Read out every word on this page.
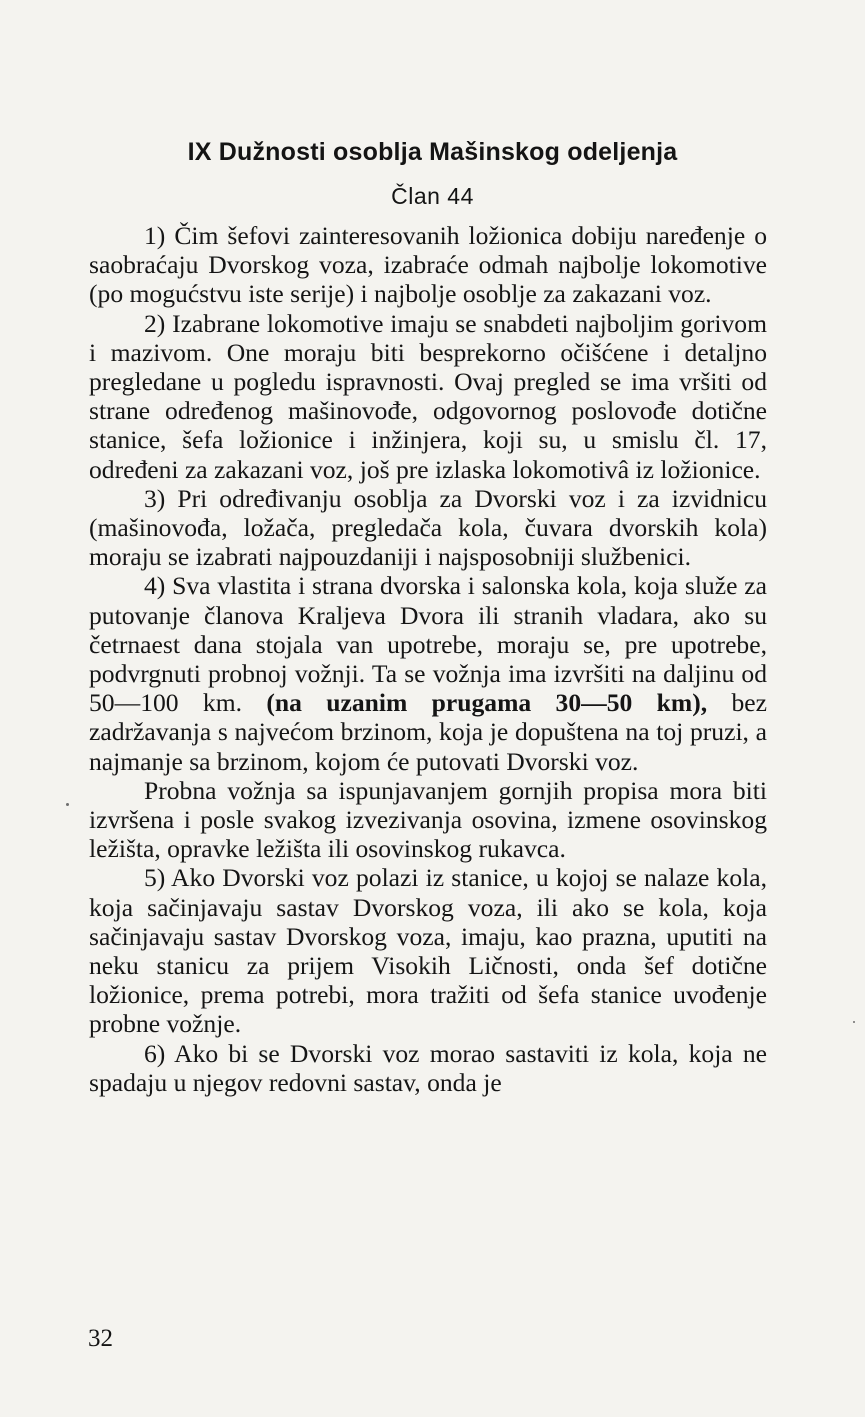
IX Dužnosti osoblja Mašinskog odeljenja
Član 44

1) Čim šefovi zainteresovanih ložionica dobiju naređenje o saobraćaju Dvorskog voza, izabraće odmah najbolje lokomotive (po mogućstvu iste serije) i najbolje osoblje za zakazani voz.

2) Izabrane lokomotive imaju se snabdeti najboljim gorivom i mazivom. One moraju biti besprekorno očišćene i detaljno pregledane u pogledu ispravnosti. Ovaj pregled se ima vršiti od strane određenog mašinovođe, odgovornog poslovođe dotične stanice, šefa ložionice i inžinjera, koji su, u smislu čl. 17, određeni za zakazani voz, još pre izlaska lokomotivâ iz ložionice.

3) Pri određivanju osoblja za Dvorski voz i za izvidnicu (mašinovođa, ložača, pregledača kola, čuvara dvorskih kola) moraju se izabrati najpouzdaniji i najsposobniji službenici.

4) Sva vlastita i strana dvorska i salonska kola, koja služe za putovanje članova Kraljeva Dvora ili stranih vladara, ako su četrnaest dana stojala van upotrebe, moraju se, pre upotrebe, podvrgnuti probnoj vožnji. Ta se vožnja ima izvršiti na daljinu od 50—100 km. (na uzanim prugama 30—50 km), bez zadržavanja s najvećom brzinom, koja je dopuštena na toj pruzi, a najmanje sa brzinom, kojom će putovati Dvorski voz.

Probna vožnja sa ispunjavanjem gornjih propisa mora biti izvršena i posle svakog izvezivanja osovina, izmene osovinskog ležišta, opravke ležišta ili osovinskog rukavca.

5) Ako Dvorski voz polazi iz stanice, u kojoj se nalaze kola, koja sačinjavaju sastav Dvorskog voza, ili ako se kola, koja sačinjavaju sastav Dvorskog voza, imaju, kao prazna, uputiti na neku stanicu za prijem Visokih Ličnosti, onda šef dotične ložionice, prema potrebi, mora tražiti od šefa stanice uvođenje probne vožnje.

6) Ako bi se Dvorski voz morao sastaviti iz kola, koja ne spadaju u njegov redovni sastav, onda je

32
